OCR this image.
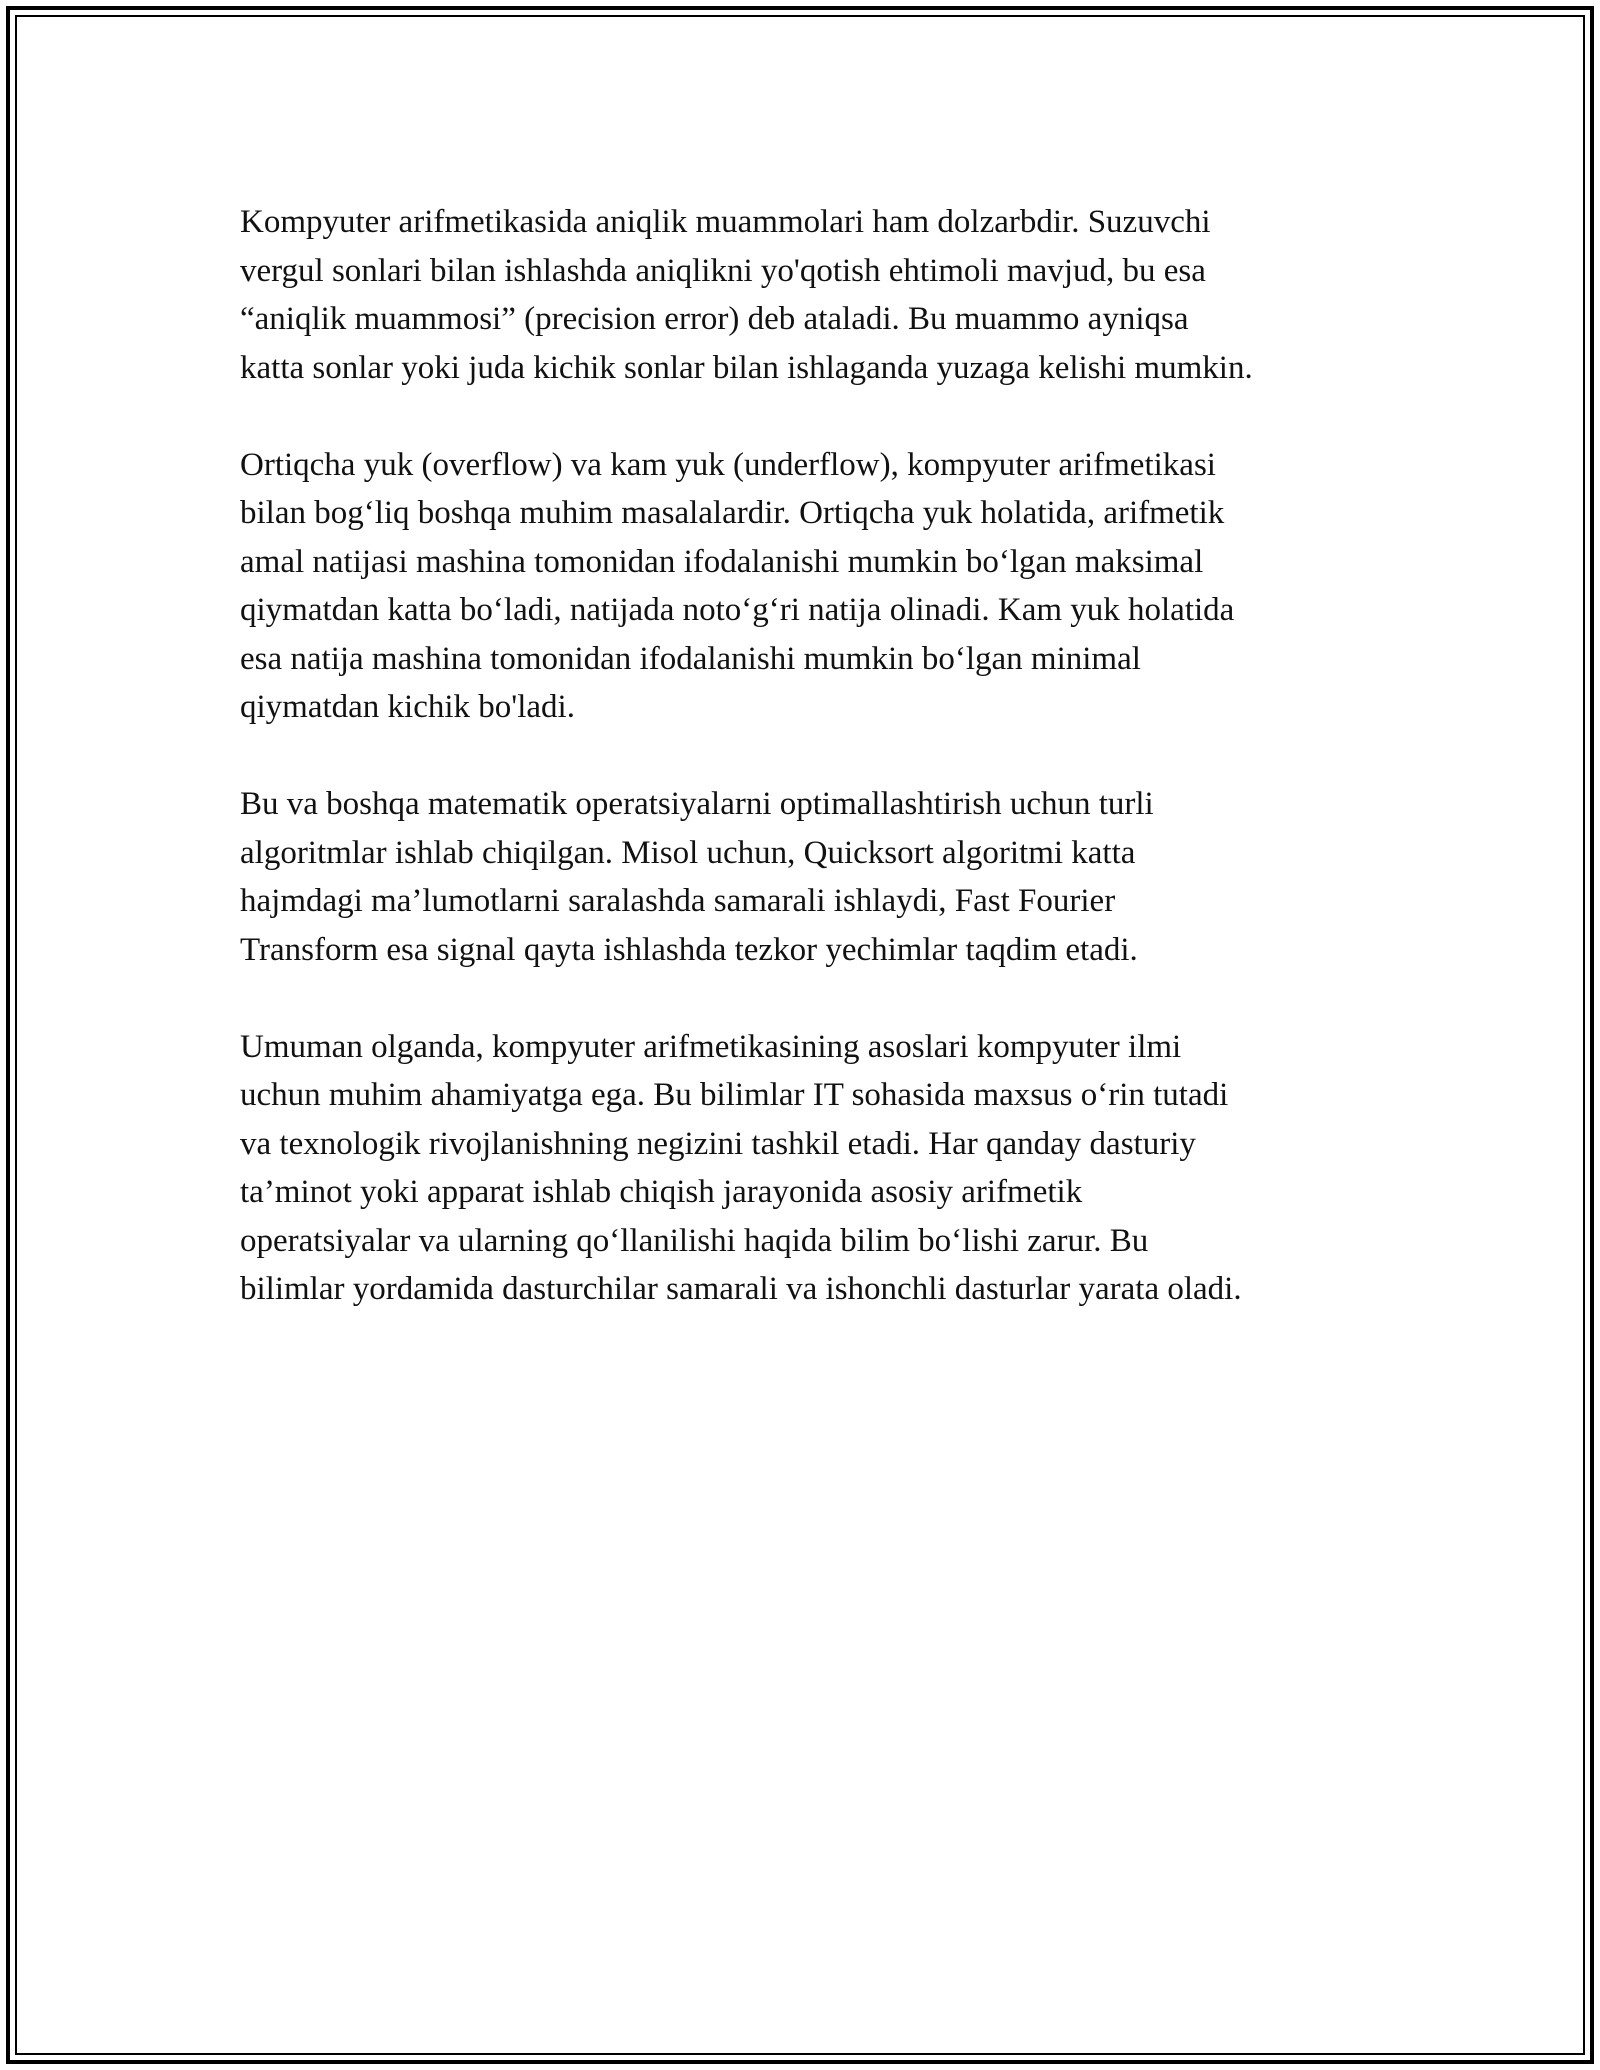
Kompyuter arifmetikasida aniqlik muammolari ham dolzarbdir. Suzuvchi
vergul sonlari bilan ishlashda aniqlikni yo'qotish ehtimoli mavjud, bu esa
“aniqlik muammosi” (precision error) deb ataladi. Bu muammo ayniqsa
katta sonlar yoki juda kichik sonlar bilan ishlaganda yuzaga kelishi mumkin.

Ortiqcha yuk (overflow) va kam yuk (underflow), kompyuter arifmetikasi
bilan bog‘liq boshqa muhim masalalardir. Ortiqcha yuk holatida, arifmetik
amal natijasi mashina tomonidan ifodalanishi mumkin bo‘lgan maksimal
qiymatdan katta bo‘ladi, natijada noto‘g‘ri natija olinadi. Kam yuk holatida
esa natija mashina tomonidan ifodalanishi mumkin bo‘lgan minimal
qiymatdan kichik bo'ladi.

Bu va boshqa matematik operatsiyalarni optimallashtirish uchun turli
algoritmlar ishlab chiqilgan. Misol uchun, Quicksort algoritmi katta
hajmdagi ma’lumotlarni saralashda samarali ishlaydi, Fast Fourier
Transform esa signal qayta ishlashda tezkor yechimlar taqdim etadi.

Umuman olganda, kompyuter arifmetikasining asoslari kompyuter ilmi
uchun muhim ahamiyatga ega. Bu bilimlar IT sohasida maxsus o‘rin tutadi
va texnologik rivojlanishning negizini tashkil etadi. Har qanday dasturiy
ta’minot yoki apparat ishlab chiqish jarayonida asosiy arifmetik
operatsiyalar va ularning qo‘llanilishi haqida bilim bo‘lishi zarur. Bu
bilimlar yordamida dasturchilar samarali va ishonchli dasturlar yarata oladi.
